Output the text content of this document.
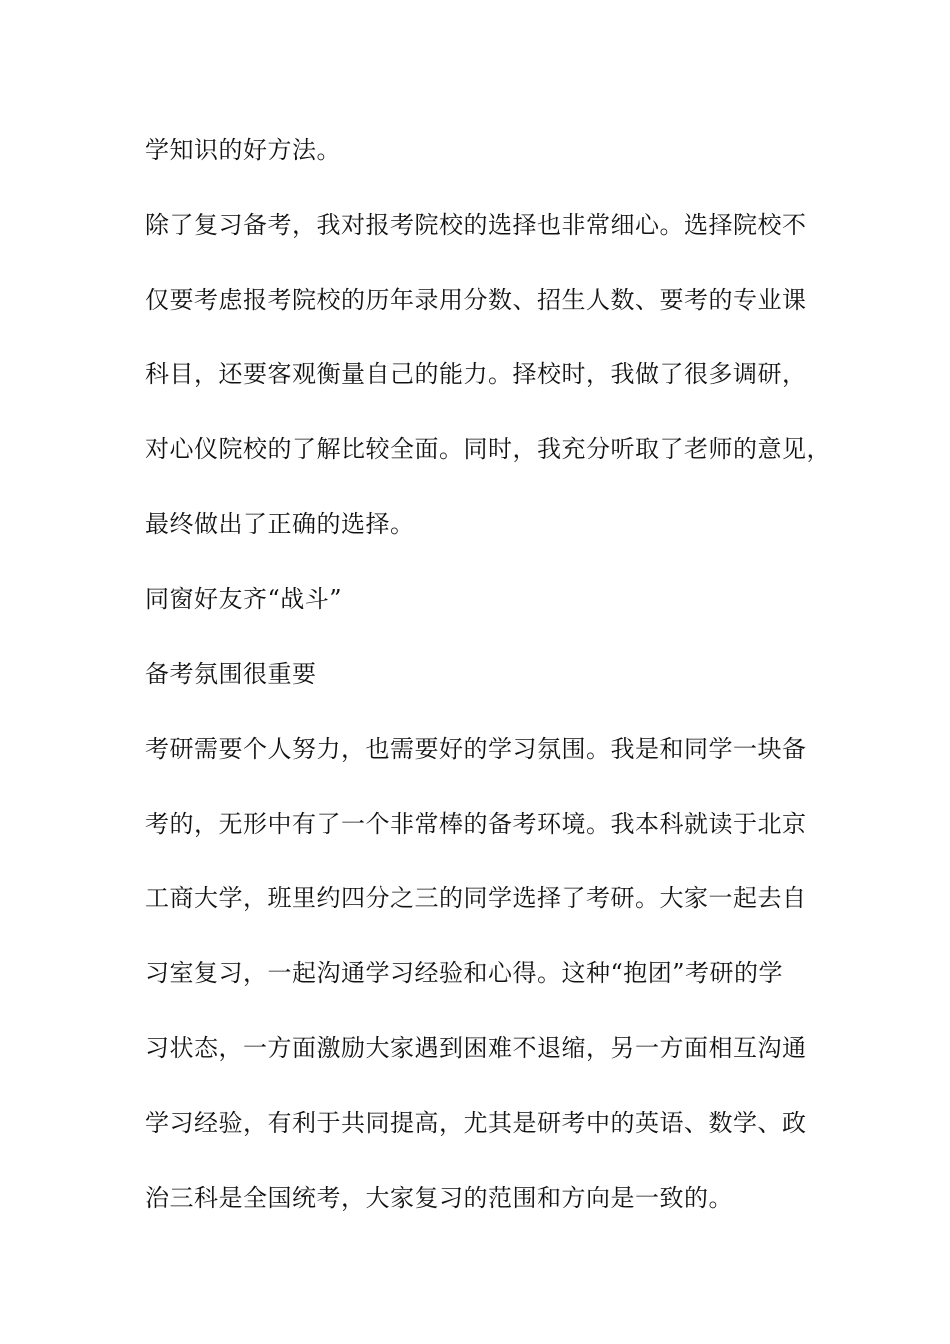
学知识的好方法。
除了复习备考，我对报考院校的选择也非常细心。选择院校不
仅要考虑报考院校的历年录用分数、招生人数、要考的专业课
科目，还要客观衡量自己的能力。择校时，我做了很多调研，
对心仪院校的了解比较全面。同时，我充分听取了老师的意见，
最终做出了正确的选择。
同窗好友齐“战斗”
备考氛围很重要
考研需要个人努力，也需要好的学习氛围。我是和同学一块备
考的，无形中有了一个非常棒的备考环境。我本科就读于北京
工商大学，班里约四分之三的同学选择了考研。大家一起去自
习室复习，一起沟通学习经验和心得。这种“抱团”考研的学
习状态，一方面激励大家遇到困难不退缩，另一方面相互沟通
学习经验，有利于共同提高，尤其是研考中的英语、数学、政
治三科是全国统考，大家复习的范围和方向是一致的。
